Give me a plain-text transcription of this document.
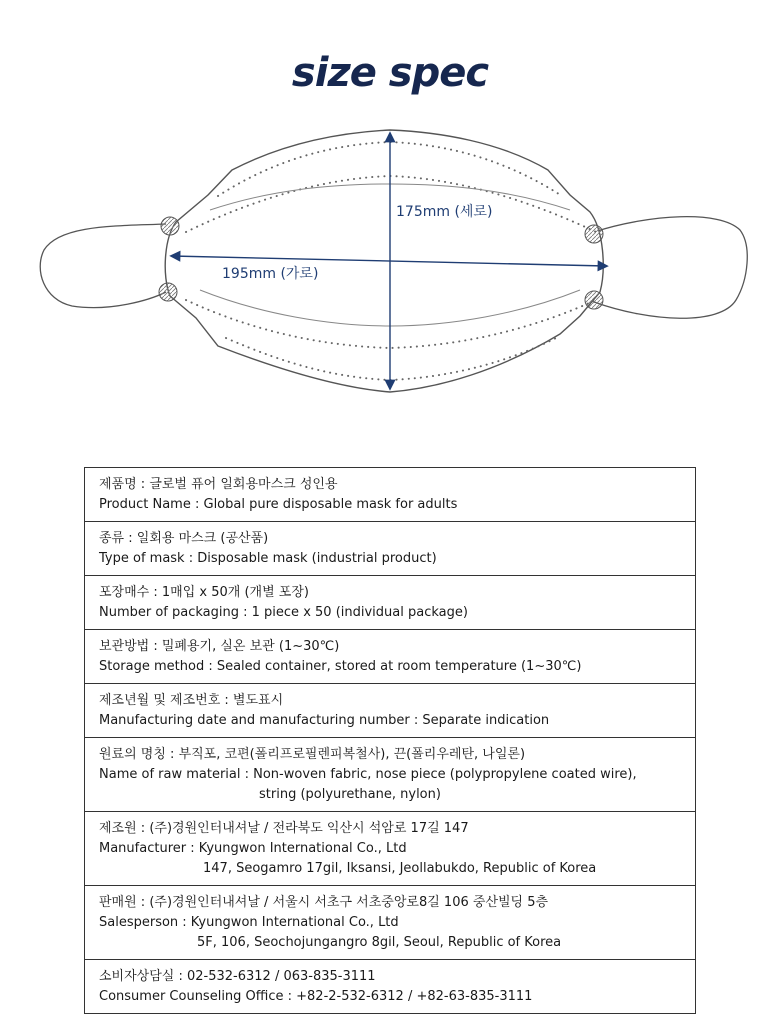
size spec
175mm (세로)
195mm (가로)
제품명 : 글로벌 퓨어 일회용마스크 성인용
Product Name : Global pure disposable mask for adults
종류 : 일회용 마스크 (공산품)
Type of mask : Disposable mask (industrial product)
포장매수 : 1매입 x 50개 (개별 포장)
Number of packaging : 1 piece x 50 (individual package)
보관방법 : 밀폐용기, 실온 보관 (1~30℃)
Storage method : Sealed container, stored at room temperature (1~30℃)
제조년월 및 제조번호 : 별도표시
Manufacturing date and manufacturing number : Separate indication
원료의 명칭 : 부직포, 코편(폴리프로필렌피복철사), 끈(폴리우레탄, 나일론)
Name of raw material : Non-woven fabric, nose piece (polypropylene coated wire),
string (polyurethane, nylon)
제조원 : (주)경원인터내셔날 / 전라북도 익산시 석암로 17길 147
Manufacturer : Kyungwon International Co., Ltd
147, Seogamro 17gil, Iksansi, Jeollabukdo, Republic of Korea
판매원 : (주)경원인터내셔날 / 서울시 서초구 서초중앙로8길 106 중산빌딩 5층
Salesperson : Kyungwon International Co., Ltd
5F, 106, Seochojungangro 8gil, Seoul, Republic of Korea
소비자상담실 : 02-532-6312 / 063-835-3111
Consumer Counseling Office : +82-2-532-6312 / +82-63-835-3111
